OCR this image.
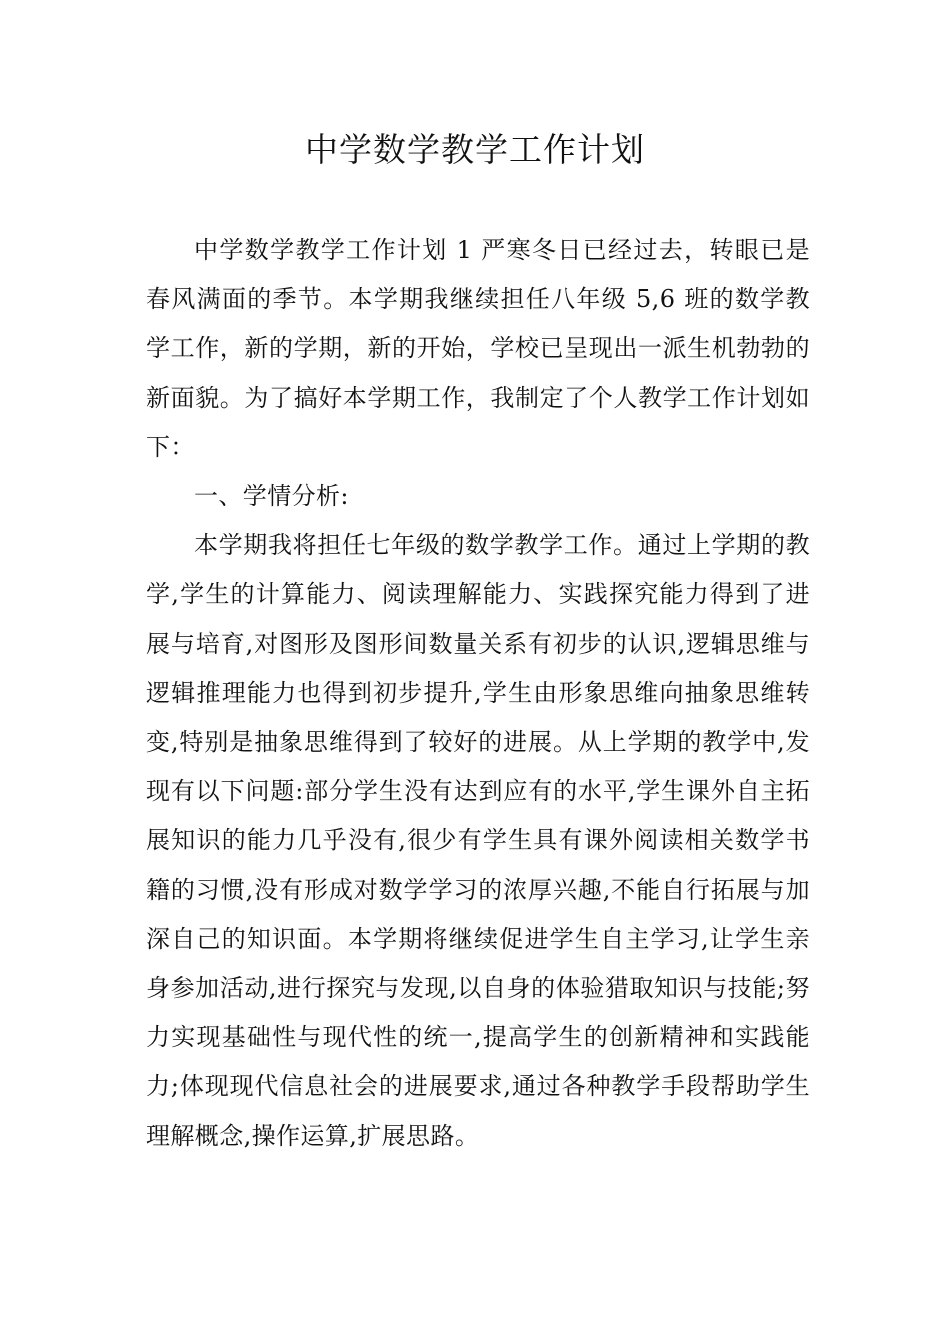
中学数学教学工作计划

中学数学教学工作计划 1 严寒冬日已经过去，转眼已是春风满面的季节。本学期我继续担任八年级 5,6 班的数学教学工作，新的学期，新的开始，学校已呈现出一派生机勃勃的新面貌。为了搞好本学期工作，我制定了个人教学工作计划如下：

一、学情分析:

本学期我将担任七年级的数学教学工作。通过上学期的教学,学生的计算能力、阅读理解能力、实践探究能力得到了进展与培育,对图形及图形间数量关系有初步的认识,逻辑思维与逻辑推理能力也得到初步提升,学生由形象思维向抽象思维转变,特别是抽象思维得到了较好的进展。从上学期的教学中,发现有以下问题:部分学生没有达到应有的水平,学生课外自主拓展知识的能力几乎没有,很少有学生具有课外阅读相关数学书籍的习惯,没有形成对数学学习的浓厚兴趣,不能自行拓展与加深自己的知识面。本学期将继续促进学生自主学习,让学生亲身参加活动,进行探究与发现,以自身的体验猎取知识与技能;努力实现基础性与现代性的统一,提高学生的创新精神和实践能力;体现现代信息社会的进展要求,通过各种教学手段帮助学生理解概念,操作运算,扩展思路。
